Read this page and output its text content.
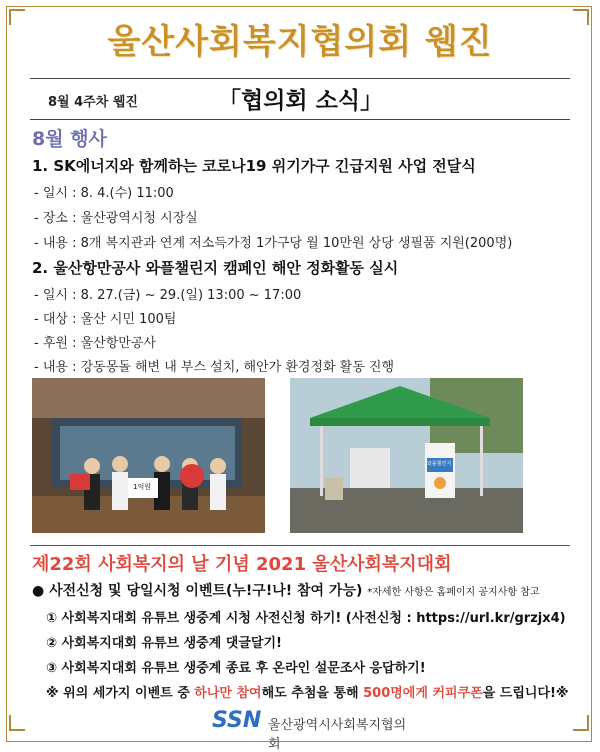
울산사회복지협의회 웹진
8월 4주차 웹진	「협의회 소식」
8월 행사
1. SK에너지와 함께하는 코로나19 위기가구 긴급지원 사업 전달식
- 일시 : 8. 4.(수) 11:00
- 장소 : 울산광역시청 시장실
- 내용 : 8개 복지관과 연계 저소득가정 1가구당 월 10만원 상당 생필품 지원(200명)
2. 울산항만공사 와플챌린지 캠페인 해안 정화활동 실시
- 일시 : 8. 27.(금) ~ 29.(일) 13:00 ~ 17:00
- 대상 : 울산 시민 100팀
- 후원 : 울산항만공사
- 내용 : 강동몽돌 해변 내 부스 설치, 해안가 환경정화 활동 진행
1억원
와플챌린지
제22회 사회복지의 날 기념 2021 울산사회복지대회
● 사전신청 및 당일시청 이벤트(누!구!나! 참여 가능) *자세한 사항은 홈페이지 공지사항 참고
① 사회복지대회 유튜브 생중계 시청 사전신청 하기! (사전신청 : https://url.kr/grzjx4)
② 사회복지대회 유튜브 생중계 댓글달기!
③ 사회복지대회 유튜브 생중계 종료 후 온라인 설문조사 응답하기!
※ 위의 세가지 이벤트 중 하나만 참여해도 추첨을 통해 500명에게 커피쿠폰을 드립니다!※
SSN 울산광역시사회복지협의회
